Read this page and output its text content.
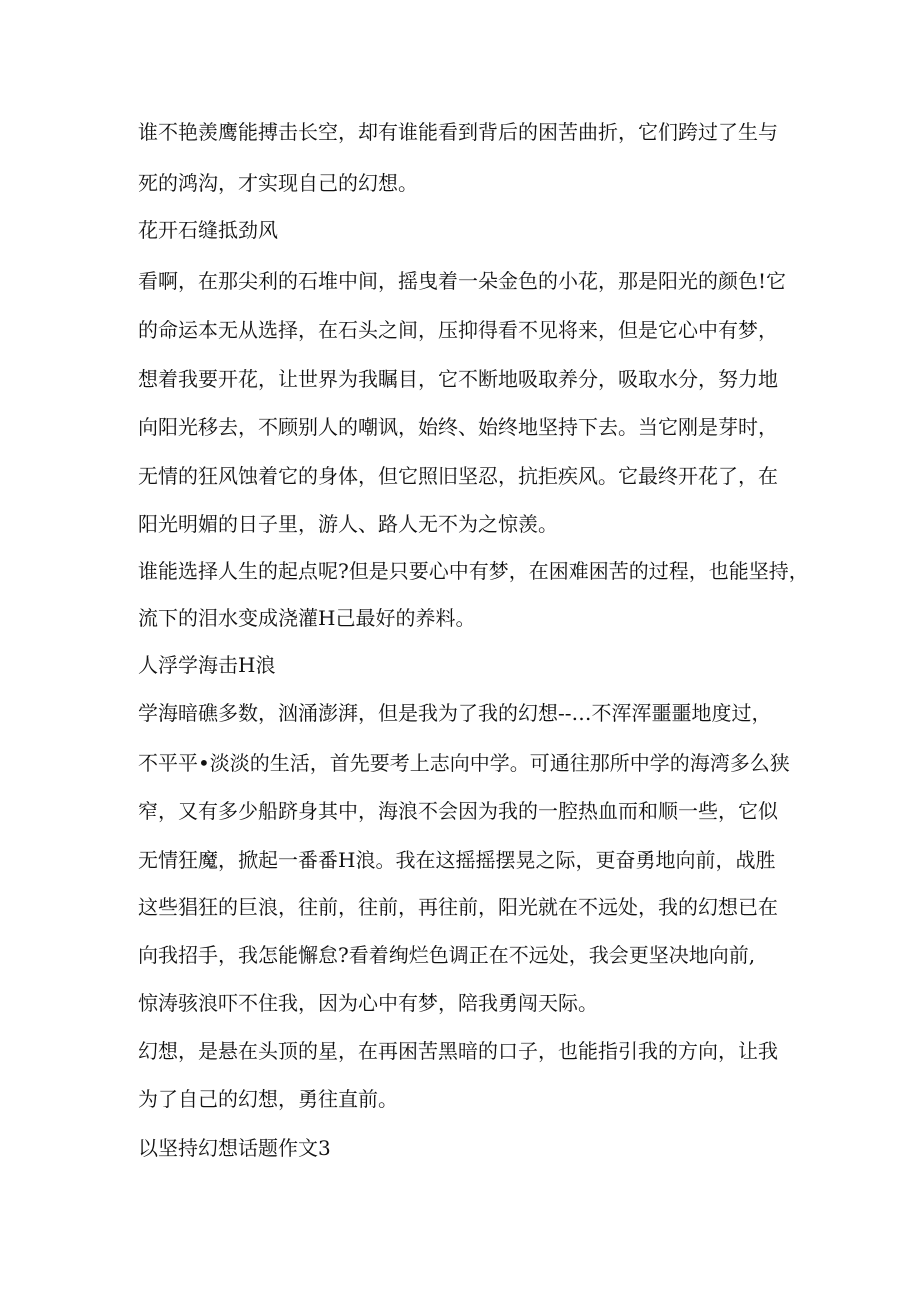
谁不艳羡鹰能搏击长空，却有谁能看到背后的困苦曲折，它们跨过了生与
死的鸿沟，才实现自己的幻想。
花开石缝抵劲风
看啊，在那尖利的石堆中间，摇曳着一朵金色的小花，那是阳光的颜色!它
的命运本无从选择，在石头之间，压抑得看不见将来，但是它心中有梦，
想着我要开花，让世界为我瞩目，它不断地吸取养分，吸取水分，努力地
向阳光移去，不顾别人的嘲讽，始终、始终地坚持下去。当它刚是芽时，
无情的狂风蚀着它的身体，但它照旧坚忍，抗拒疾风。它最终开花了，在
阳光明媚的日子里，游人、路人无不为之惊羡。
谁能选择人生的起点呢?但是只要心中有梦，在困难困苦的过程，也能坚持，
流下的泪水变成浇灌H己最好的养料。
人浮学海击H浪
学海暗礁多数，汹涌澎湃，但是我为了我的幻想--…不浑浑噩噩地度过，
不平平•淡淡的生活，首先要考上志向中学。可通往那所中学的海湾多么狭
窄，又有多少船跻身其中，海浪不会因为我的一腔热血而和顺一些，它似
无情狂魔，掀起一番番H浪。我在这摇摇摆晃之际，更奋勇地向前，战胜
这些猖狂的巨浪，往前，往前，再往前，阳光就在不远处，我的幻想已在
向我招手，我怎能懈怠?看着绚烂色调正在不远处，我会更坚决地向前,
惊涛骇浪吓不住我，因为心中有梦，陪我勇闯天际。
幻想，是悬在头顶的星，在再困苦黑暗的口子，也能指引我的方向，让我
为了自己的幻想，勇往直前。
以坚持幻想话题作文3
